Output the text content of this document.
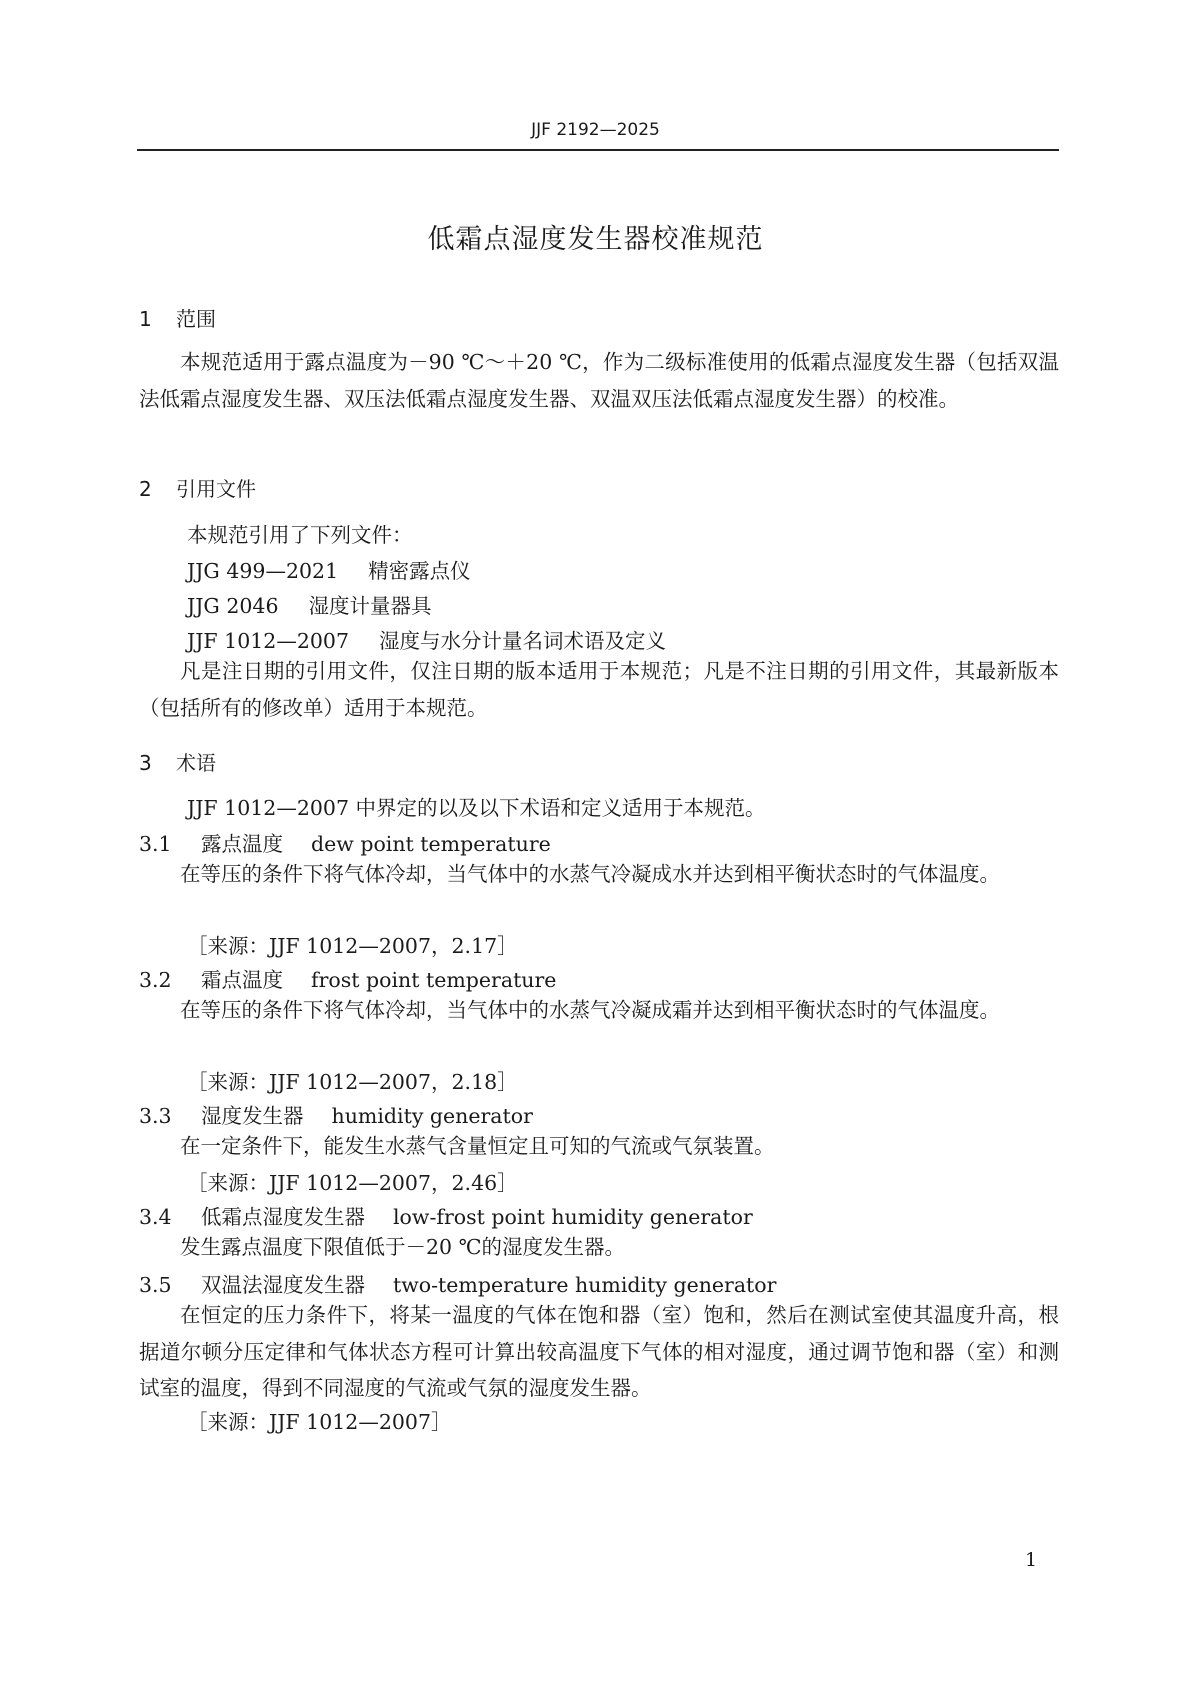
JJF 2192—2025
低霜点湿度发生器校准规范
1 范围

本规范适用于露点温度为－90 ℃～＋20 ℃，作为二级标准使用的低霜点湿度发生器（包括双温法低霜点湿度发生器、双压法低霜点湿度发生器、双温双压法低霜点湿度发生器）的校准。

2 引用文件
本规范引用了下列文件：
JJG 499—2021 精密露点仪
JJG 2046 湿度计量器具
JJF 1012—2007 湿度与水分计量名词术语及定义

凡是注日期的引用文件，仅注日期的版本适用于本规范；凡是不注日期的引用文件，其最新版本（包括所有的修改单）适用于本规范。

3 术语
JJF 1012—2007 中界定的以及以下术语和定义适用于本规范。
3.1 露点温度 dew point temperature

在等压的条件下将气体冷却，当气体中的水蒸气冷凝成水并达到相平衡状态时的气体温度。

［来源：JJF 1012—2007，2.17］
3.2 霜点温度 frost point temperature

在等压的条件下将气体冷却，当气体中的水蒸气冷凝成霜并达到相平衡状态时的气体温度。

［来源：JJF 1012—2007，2.18］
3.3 湿度发生器 humidity generator

在一定条件下，能发生水蒸气含量恒定且可知的气流或气氛装置。

［来源：JJF 1012—2007，2.46］
3.4 低霜点湿度发生器 low-frost point humidity generator

发生露点温度下限值低于－20 ℃的湿度发生器。

3.5 双温法湿度发生器 two-temperature humidity generator

在恒定的压力条件下，将某一温度的气体在饱和器（室）饱和，然后在测试室使其温度升高，根据道尔顿分压定律和气体状态方程可计算出较高温度下气体的相对湿度，通过调节饱和器（室）和测试室的温度，得到不同湿度的气流或气氛的湿度发生器。

［来源：JJF 1012—2007］
1
